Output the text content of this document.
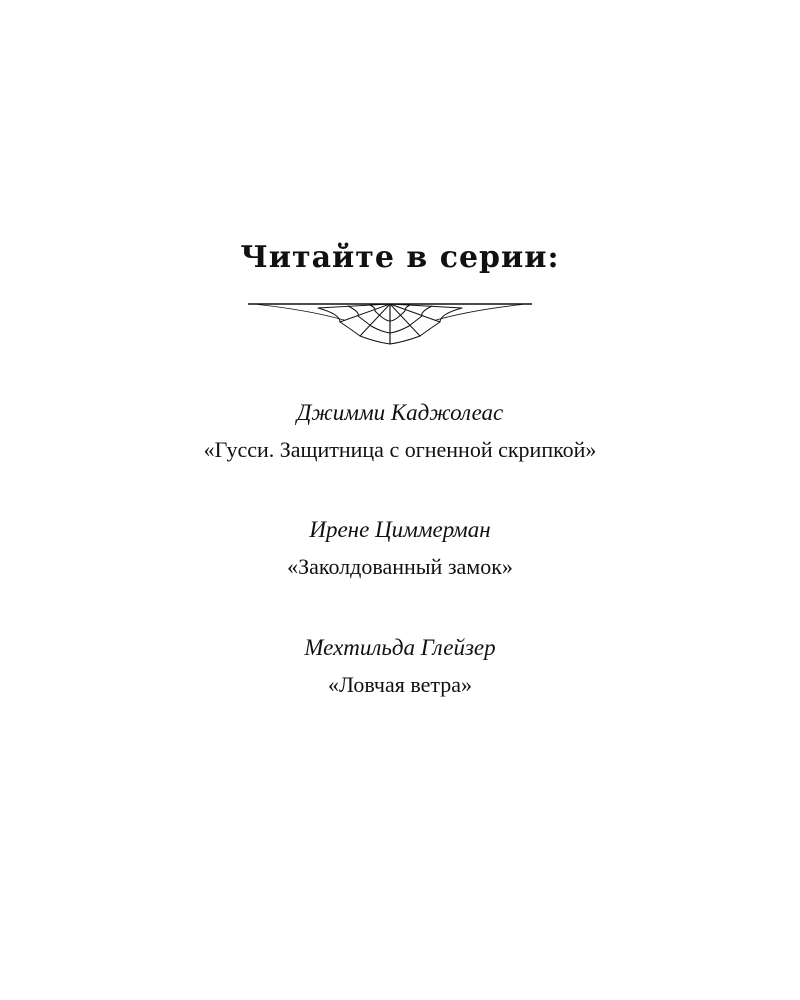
Читайте в серии:
Джимми Каджолеас
«Гусси. Защитница с огненной скрипкой»
Ирене Циммерман
«Заколдованный замок»
Мехтильда Глейзер
«Ловчая ветра»
